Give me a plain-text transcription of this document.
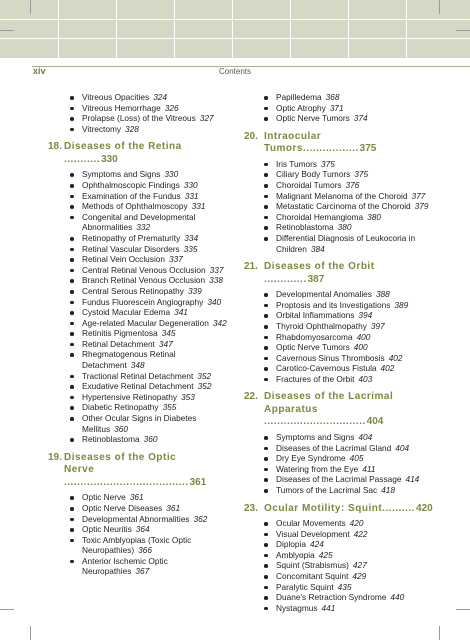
xiv	Contents
Vitreous Opacities 324
Vitreous Hemorrhage 326
Prolapse (Loss) of the Vitreous 327
Vitrectomy 328
18. Diseases of the Retina ...........330
Symptoms and Signs 330
Ophthalmoscopic Findings 330
Examination of the Fundus 331
Methods of Ophthalmoscopy 331
Congenital and Developmental Abnormalities 332
Retinopathy of Prematurity 334
Retinal Vascular Disorders 335
Retinal Vein Occlusion 337
Central Retinal Venous Occlusion 337
Branch Retinal Venous Occlusion 338
Central Serous Retinopathy 339
Fundus Fluorescein Angiography 340
Cystoid Macular Edema 341
Age-related Macular Degeneration 342
Retinitis Pigmentosa 345
Retinal Detachment 347
Rhegmatogenous Retinal Detachment 348
Tractional Retinal Detachment 352
Exudative Retinal Detachment 352
Hypertensive Retinopathy 353
Diabetic Retinopathy 355
Other Ocular Signs in Diabetes Mellitus 360
Retinoblastoma 360
19. Diseases of the Optic
Nerve ......................................361
Optic Nerve 361
Optic Nerve Diseases 361
Developmental Abnormalities 362
Optic Neuritis 364
Toxic Amblyopias (Toxic Optic Neuropathies) 366
Anterior Ischemic Optic Neuropathies 367
Papilledema 368
Optic Atrophy 371
Optic Nerve Tumors 374
20. Intraocular Tumors.................375
Iris Tumors 375
Ciliary Body Tumors 375
Choroidal Tumors 376
Malignant Melanoma of the Choroid 377
Metastatic Carcinoma of the Choroid 379
Choroidal Hemangioma 380
Retinoblastoma 380
Differential Diagnosis of Leukocoria in Children 384
21. Diseases of the Orbit .............387
Developmental Anomalies 388
Proptosis and its Investigations 389
Orbital Inflammations 394
Thyroid Ophthalmopathy 397
Rhabdomyosarcoma 400
Optic Nerve Tumors 400
Cavernous Sinus Thrombosis 402
Carotico-Cavernous Fistula 402
Fractures of the Orbit 403
22. Diseases of the Lacrimal
Apparatus ...............................404
Symptoms and Signs 404
Diseases of the Lacrimal Gland 404
Dry Eye Syndrome 405
Watering from the Eye 411
Diseases of the Lacrimal Passage 414
Tumors of the Lacrimal Sac 418
23. Ocular Motility: Squint..........420
Ocular Movements 420
Visual Development 422
Diplopia 424
Amblyopia 425
Squint (Strabismus) 427
Concomitant Squint 429
Paralytic Squint 435
Duane's Retraction Syndrome 440
Nystagmus 441
